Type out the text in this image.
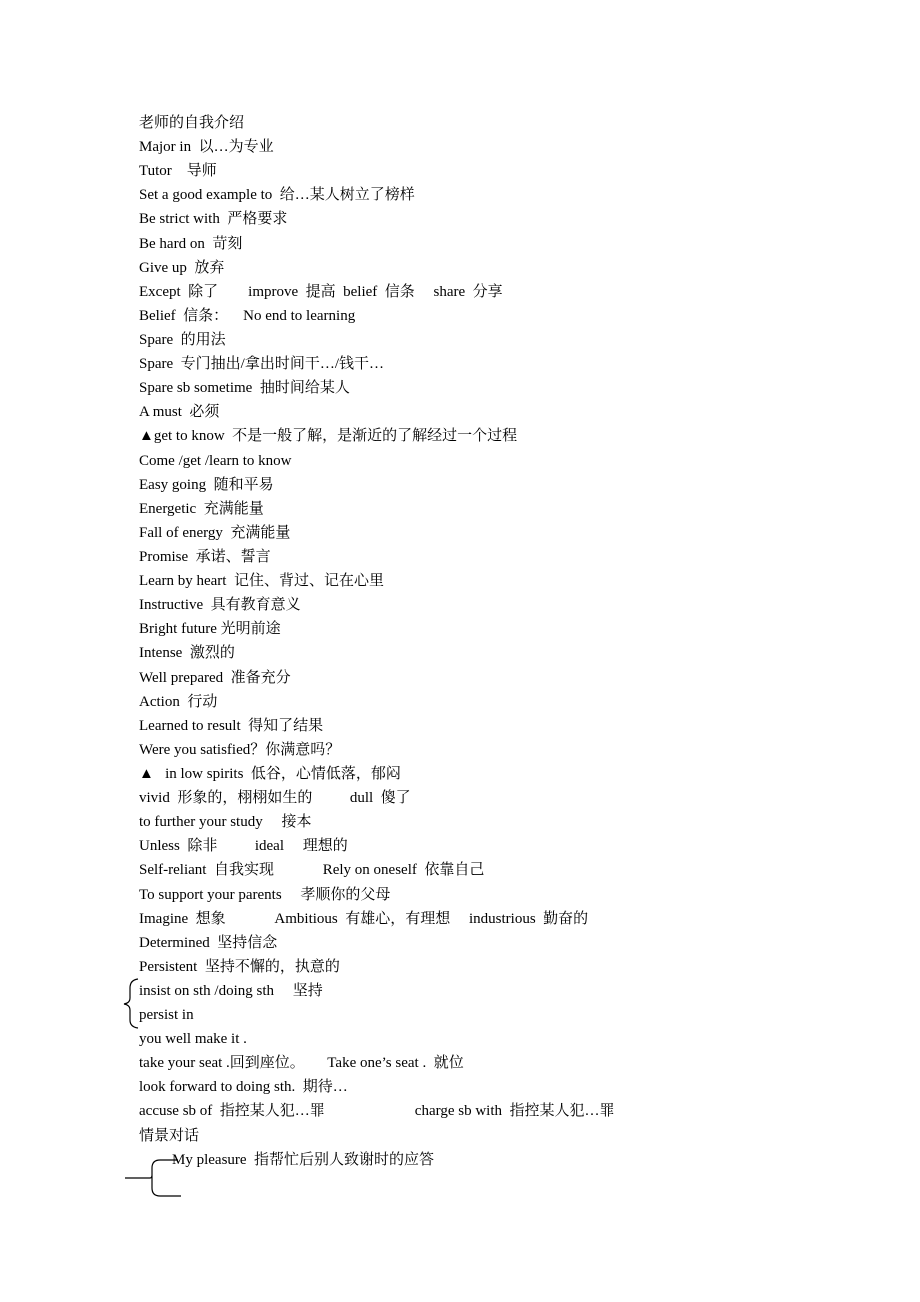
老师的自我介绍
Major in  以…为专业
Tutor    导师
Set a good example to  给…某人树立了榜样
Be strict with  严格要求
Be hard on  苛刻
Give up  放弃
Except  除了        improve  提高  belief  信条     share  分享
Belief  信条：    No end to learning
Spare  的用法
Spare  专门抽出/拿出时间干…/钱干…
Spare sb sometime  抽时间给某人
A must  必须
▲get to know  不是一般了解，是渐近的了解经过一个过程
Come /get /learn to know
Easy going  随和平易
Energetic  充满能量
Fall of energy  充满能量
Promise  承诺、誓言
Learn by heart  记住、背过、记在心里
Instructive  具有教育意义
Bright future 光明前途
Intense  激烈的
Well prepared  准备充分
Action  行动
Learned to result  得知了结果
Were you satisfied？你满意吗？
▲   in low spirits  低谷，心情低落，郁闷
vivid  形象的，栩栩如生的          dull  傻了
to further your study     接本
Unless  除非          ideal     理想的
Self-reliant  自我实现             Rely on oneself  依靠自己
To support your parents     孝顺你的父母
Imagine  想象             Ambitious  有雄心，有理想     industrious  勤奋的
Determined  坚持信念
Persistent  坚持不懈的，执意的
insist on sth /doing sth     坚持
persist in
you well make it .
take your seat .回到座位。      Take one’s seat .  就位
look forward to doing sth.  期待…
accuse sb of  指控某人犯…罪                        charge sb with  指控某人犯…罪
情景对话
My pleasure  指帮忙后别人致谢时的应答
